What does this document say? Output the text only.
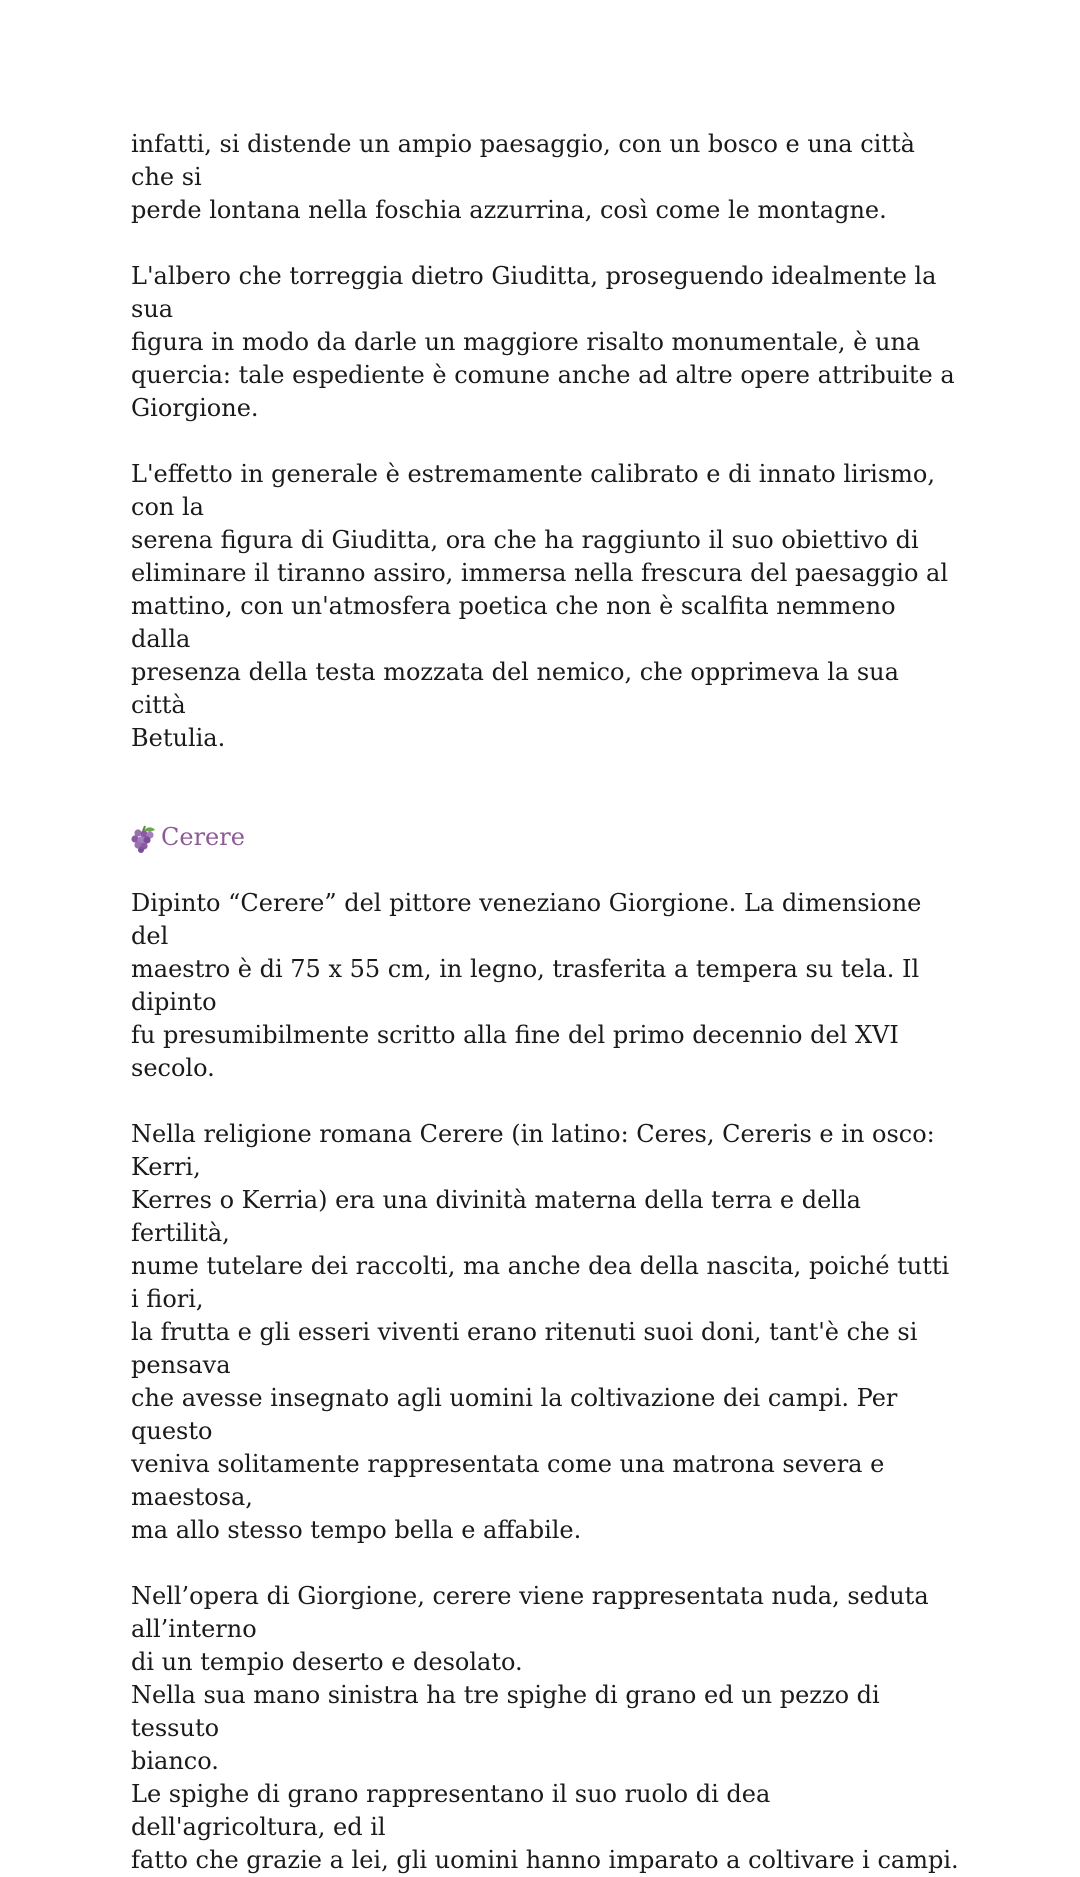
infatti, si distende un ampio paesaggio, con un bosco e una città che si
perde lontana nella foschia azzurrina, così come le montagne.

L'albero che torreggia dietro Giuditta, proseguendo idealmente la sua
figura in modo da darle un maggiore risalto monumentale, è una
quercia: tale espediente è comune anche ad altre opere attribuite a
Giorgione.

L'effetto in generale è estremamente calibrato e di innato lirismo, con la
serena figura di Giuditta, ora che ha raggiunto il suo obiettivo di
eliminare il tiranno assiro, immersa nella frescura del paesaggio al
mattino, con un'atmosfera poetica che non è scalfita nemmeno dalla
presenza della testa mozzata del nemico, che opprimeva la sua città
Betulia.

Cerere

Dipinto “Cerere” del pittore veneziano Giorgione. La dimensione del
maestro è di 75 x 55 cm, in legno, trasferita a tempera su tela. Il dipinto
fu presumibilmente scritto alla fine del primo decennio del XVI secolo.

Nella religione romana Cerere (in latino: Ceres, Cereris e in osco: Kerri,
Kerres o Kerria) era una divinità materna della terra e della fertilità,
nume tutelare dei raccolti, ma anche dea della nascita, poiché tutti i fiori,
la frutta e gli esseri viventi erano ritenuti suoi doni, tant'è che si pensava
che avesse insegnato agli uomini la coltivazione dei campi. Per questo
veniva solitamente rappresentata come una matrona severa e maestosa,
ma allo stesso tempo bella e affabile.

Nell’opera di Giorgione, cerere viene rappresentata nuda, seduta
all’interno
di un tempio deserto e desolato.
Nella sua mano sinistra ha tre spighe di grano ed un pezzo di tessuto
bianco.
Le spighe di grano rappresentano il suo ruolo di dea dell'agricoltura, ed il
fatto che grazie a lei, gli uomini hanno imparato a coltivare i campi.
